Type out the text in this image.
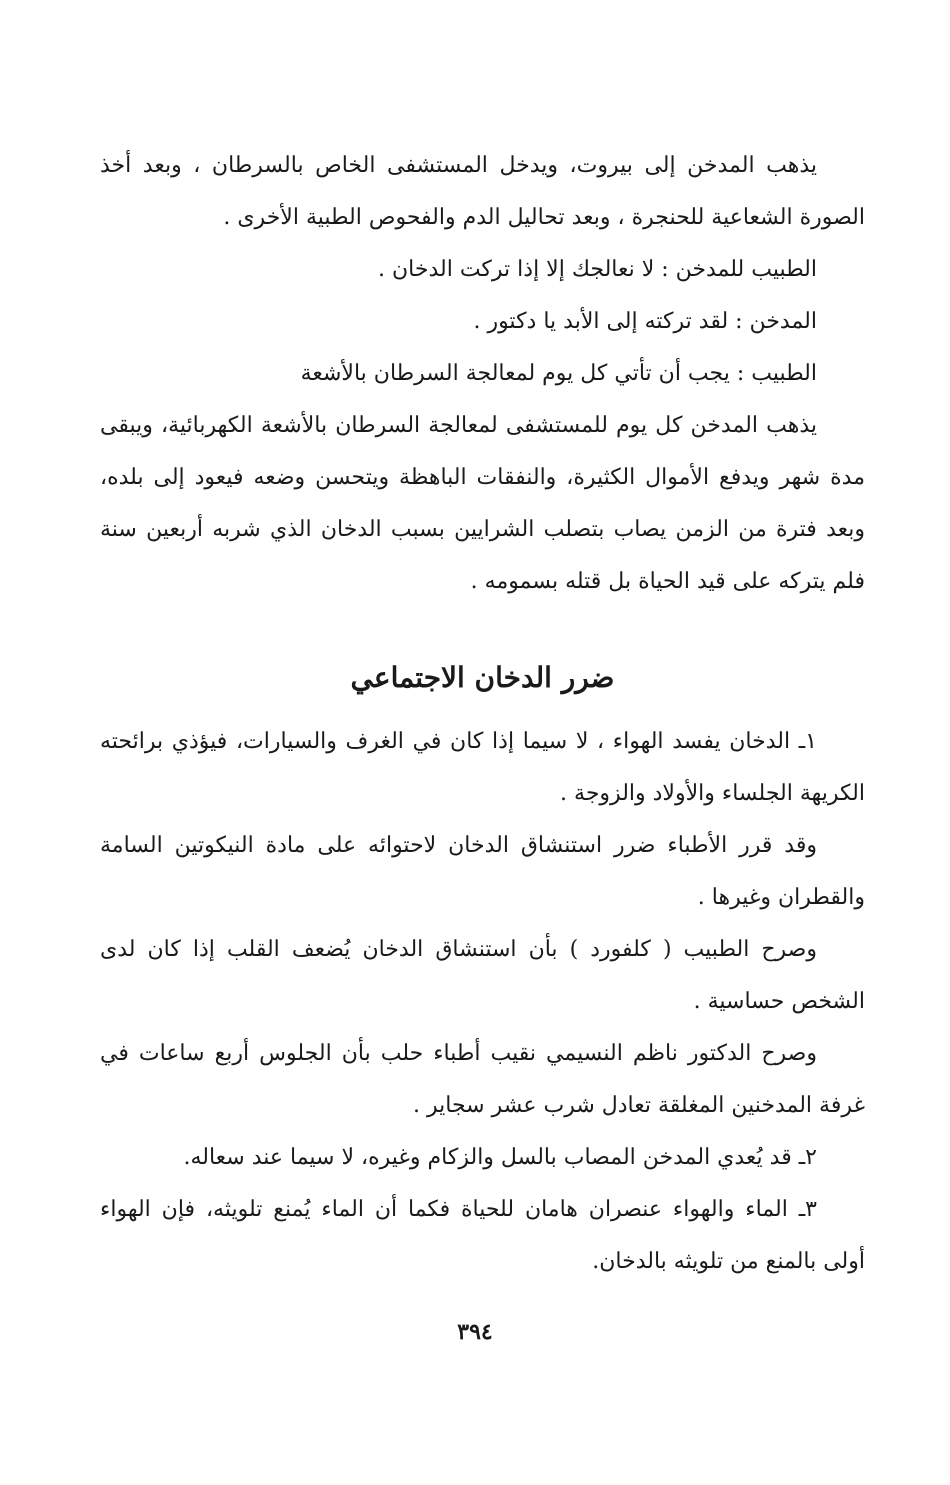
يذهب المدخن إلى بيروت، ويدخل المستشفى الخاص بالسرطان ، وبعد أخذ الصورة الشعاعية للحنجرة ، وبعد تحاليل الدم والفحوص الطبية الأخرى .

الطبيب للمدخن : لا نعالجك إلا إذا تركت الدخان .

المدخن : لقد تركته إلى الأبد يا دكتور .

الطبيب : يجب أن تأتي كل يوم لمعالجة السرطان بالأشعة

يذهب المدخن كل يوم للمستشفى لمعالجة السرطان بالأشعة الكهربائية، ويبقى مدة شهر ويدفع الأموال الكثيرة، والنفقات الباهظة ويتحسن وضعه فيعود إلى بلده، وبعد فترة من الزمن يصاب بتصلب الشرايين بسبب الدخان الذي شربه أربعين سنة فلم يتركه على قيد الحياة بل قتله بسمومه .

ضرر الدخان الاجتماعي

١ـ الدخان يفسد الهواء ، لا سيما إذا كان في الغرف والسيارات، فيؤذي برائحته الكريهة الجلساء والأولاد والزوجة .

وقد قرر الأطباء ضرر استنشاق الدخان لاحتوائه على مادة النيكوتين السامة والقطران وغيرها .

وصرح الطبيب ( كلفورد ) بأن استنشاق الدخان يُضعف القلب إذا كان لدى الشخص حساسية .

وصرح الدكتور ناظم النسيمي نقيب أطباء حلب بأن الجلوس أربع ساعات في غرفة المدخنين المغلقة تعادل شرب عشر سجاير .

٢ـ قد يُعدي المدخن المصاب بالسل والزكام وغيره، لا سيما عند سعاله.

٣ـ الماء والهواء عنصران هامان للحياة فكما أن الماء يُمنع تلويثه، فإن الهواء أولى بالمنع من تلويثه بالدخان.

٣٩٤
